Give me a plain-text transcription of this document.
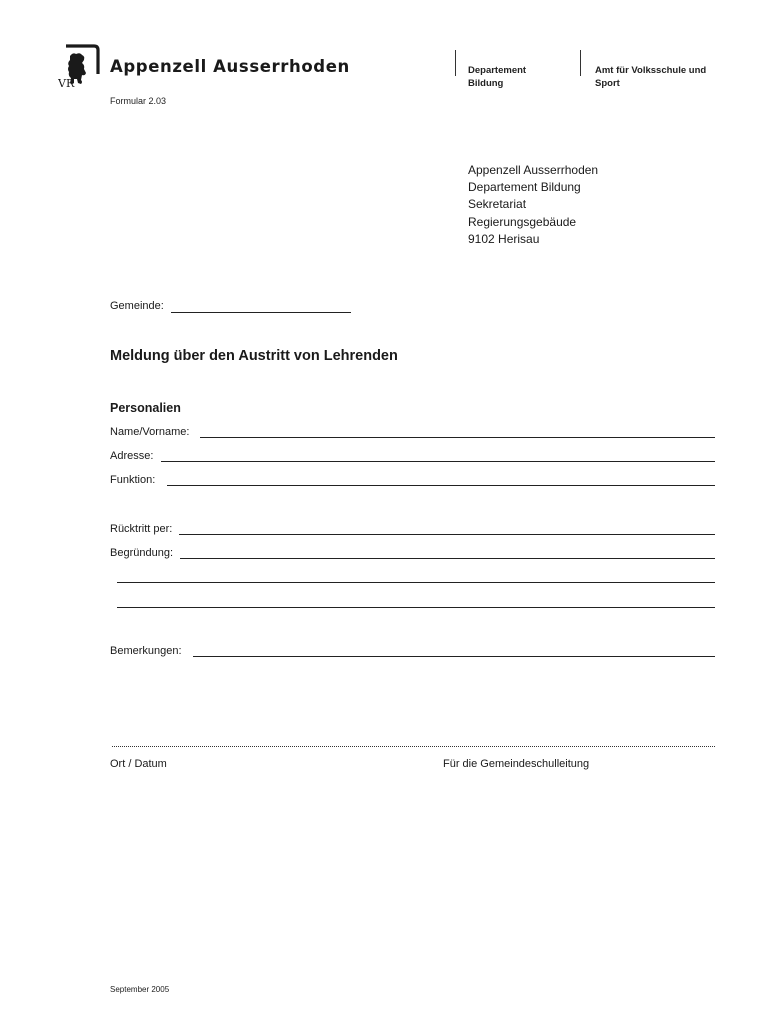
VR
Appenzell Ausserrhoden
Formular 2.03
Departement
Bildung
Amt für Volksschule und
Sport
Appenzell Ausserrhoden
Departement Bildung
Sekretariat
Regierungsgebäude
9102 Herisau
Gemeinde:
Meldung über den Austritt von Lehrenden
Personalien
Name/Vorname:
Adresse:
Funktion:
Rücktritt per:
Begründung:
Bemerkungen:
Ort / Datum	Für die Gemeindeschulleitung
September 2005
